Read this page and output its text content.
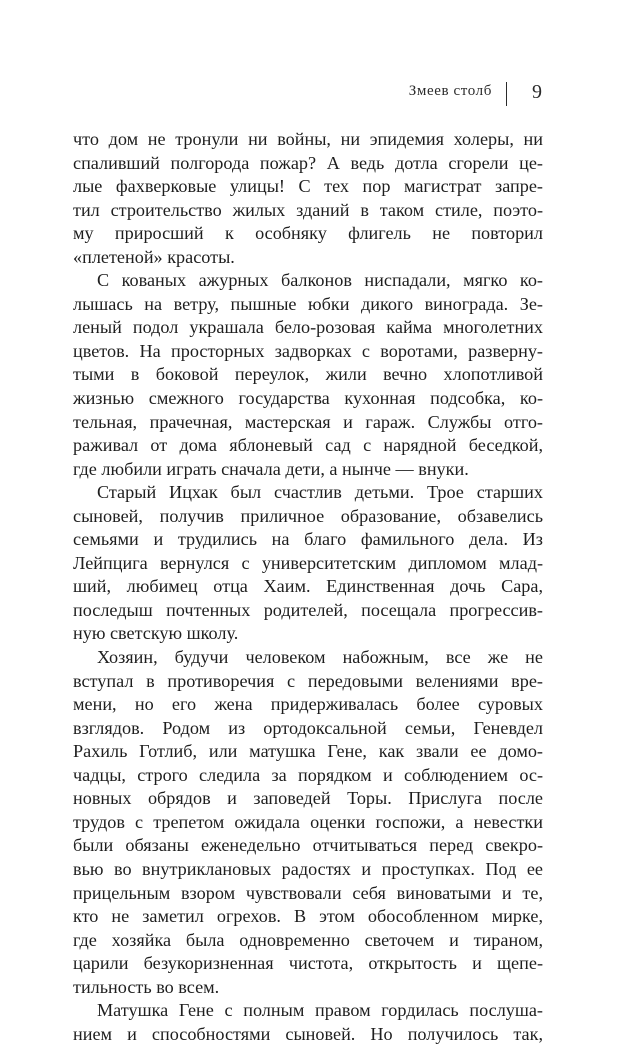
Змеев столб 9
что дом не тронули ни войны, ни эпидемия холеры, ни
спаливший полгорода пожар? А ведь дотла сгорели це-
лые фахверковые улицы! С тех пор магистрат запре-
тил строительство жилых зданий в таком стиле, поэто-
му приросший к особняку флигель не повторил
«плетеной» красоты.
С кованых ажурных балконов ниспадали, мягко ко-
лышась на ветру, пышные юбки дикого винограда. Зе-
леный подол украшала бело-розовая кайма многолетних
цветов. На просторных задворках с воротами, разверну-
тыми в боковой переулок, жили вечно хлопотливой
жизнью смежного государства кухонная подсобка, ко-
тельная, прачечная, мастерская и гараж. Службы отго-
раживал от дома яблоневый сад с нарядной беседкой,
где любили играть сначала дети, а нынче — внуки.
Старый Ицхак был счастлив детьми. Трое старших
сыновей, получив приличное образование, обзавелись
семьями и трудились на благо фамильного дела. Из
Лейпцига вернулся с университетским дипломом млад-
ший, любимец отца Хаим. Единственная дочь Сара,
последыш почтенных родителей, посещала прогрессив-
ную светскую школу.
Хозяин, будучи человеком набожным, все же не
вступал в противоречия с передовыми велениями вре-
мени, но его жена придерживалась более суровых
взглядов. Родом из ортодоксальной семьи, Геневдел
Рахиль Готлиб, или матушка Гене, как звали ее домо-
чадцы, строго следила за порядком и соблюдением ос-
новных обрядов и заповедей Торы. Прислуга после
трудов с трепетом ожидала оценки госпожи, а невестки
были обязаны еженедельно отчитываться перед свекро-
вью во внутриклановых радостях и проступках. Под ее
прицельным взором чувствовали себя виноватыми и те,
кто не заметил огрехов. В этом обособленном мирке,
где хозяйка была одновременно светочем и тираном,
царили безукоризненная чистота, открытость и щепе-
тильность во всем.
Матушка Гене с полным правом гордилась послуша-
нием и способностями сыновей. Но получилось так,
